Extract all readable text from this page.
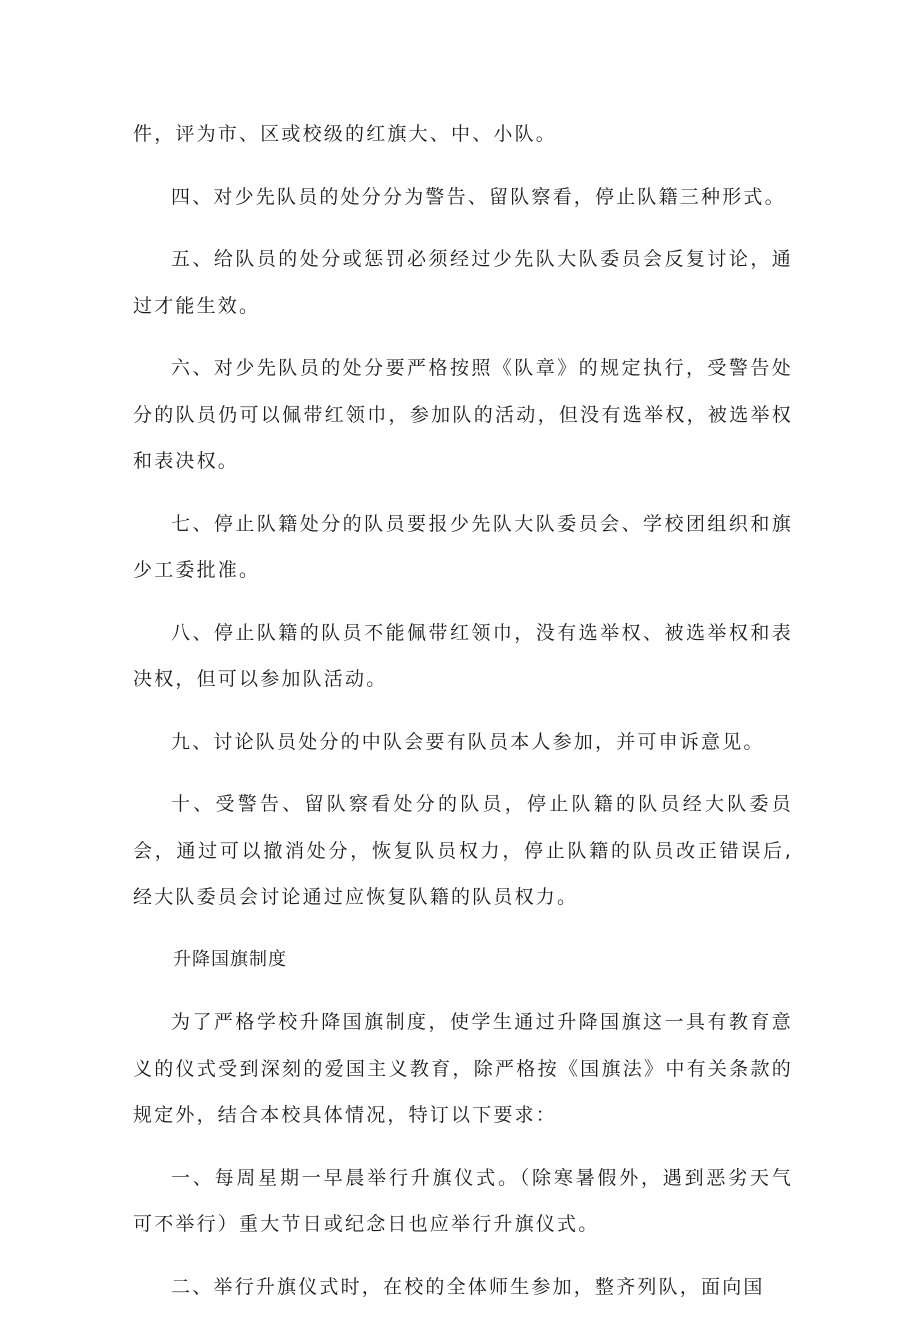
件，评为市、区或校级的红旗大、中、小队。

四、对少先队员的处分分为警告、留队察看，停止队籍三种形式。

五、给队员的处分或惩罚必须经过少先队大队委员会反复讨论，通过才能生效。

六、对少先队员的处分要严格按照《队章》的规定执行，受警告处分的队员仍可以佩带红领巾，参加队的活动，但没有选举权，被选举权和表决权。

七、停止队籍处分的队员要报少先队大队委员会、学校团组织和旗少工委批准。

八、停止队籍的队员不能佩带红领巾，没有选举权、被选举权和表决权，但可以参加队活动。

九、讨论队员处分的中队会要有队员本人参加，并可申诉意见。

十、受警告、留队察看处分的队员，停止队籍的队员经大队委员会，通过可以撤消处分，恢复队员权力，停止队籍的队员改正错误后,经大队委员会讨论通过应恢复队籍的队员权力。

升降国旗制度

为了严格学校升降国旗制度，使学生通过升降国旗这一具有教育意义的仪式受到深刻的爱国主义教育，除严格按《国旗法》中有关条款的规定外，结合本校具体情况，特订以下要求：

一、每周星期一早晨举行升旗仪式。（除寒暑假外，遇到恶劣天气可不举行）重大节日或纪念日也应举行升旗仪式。

二、举行升旗仪式时，在校的全体师生参加，整齐列队，面向国
